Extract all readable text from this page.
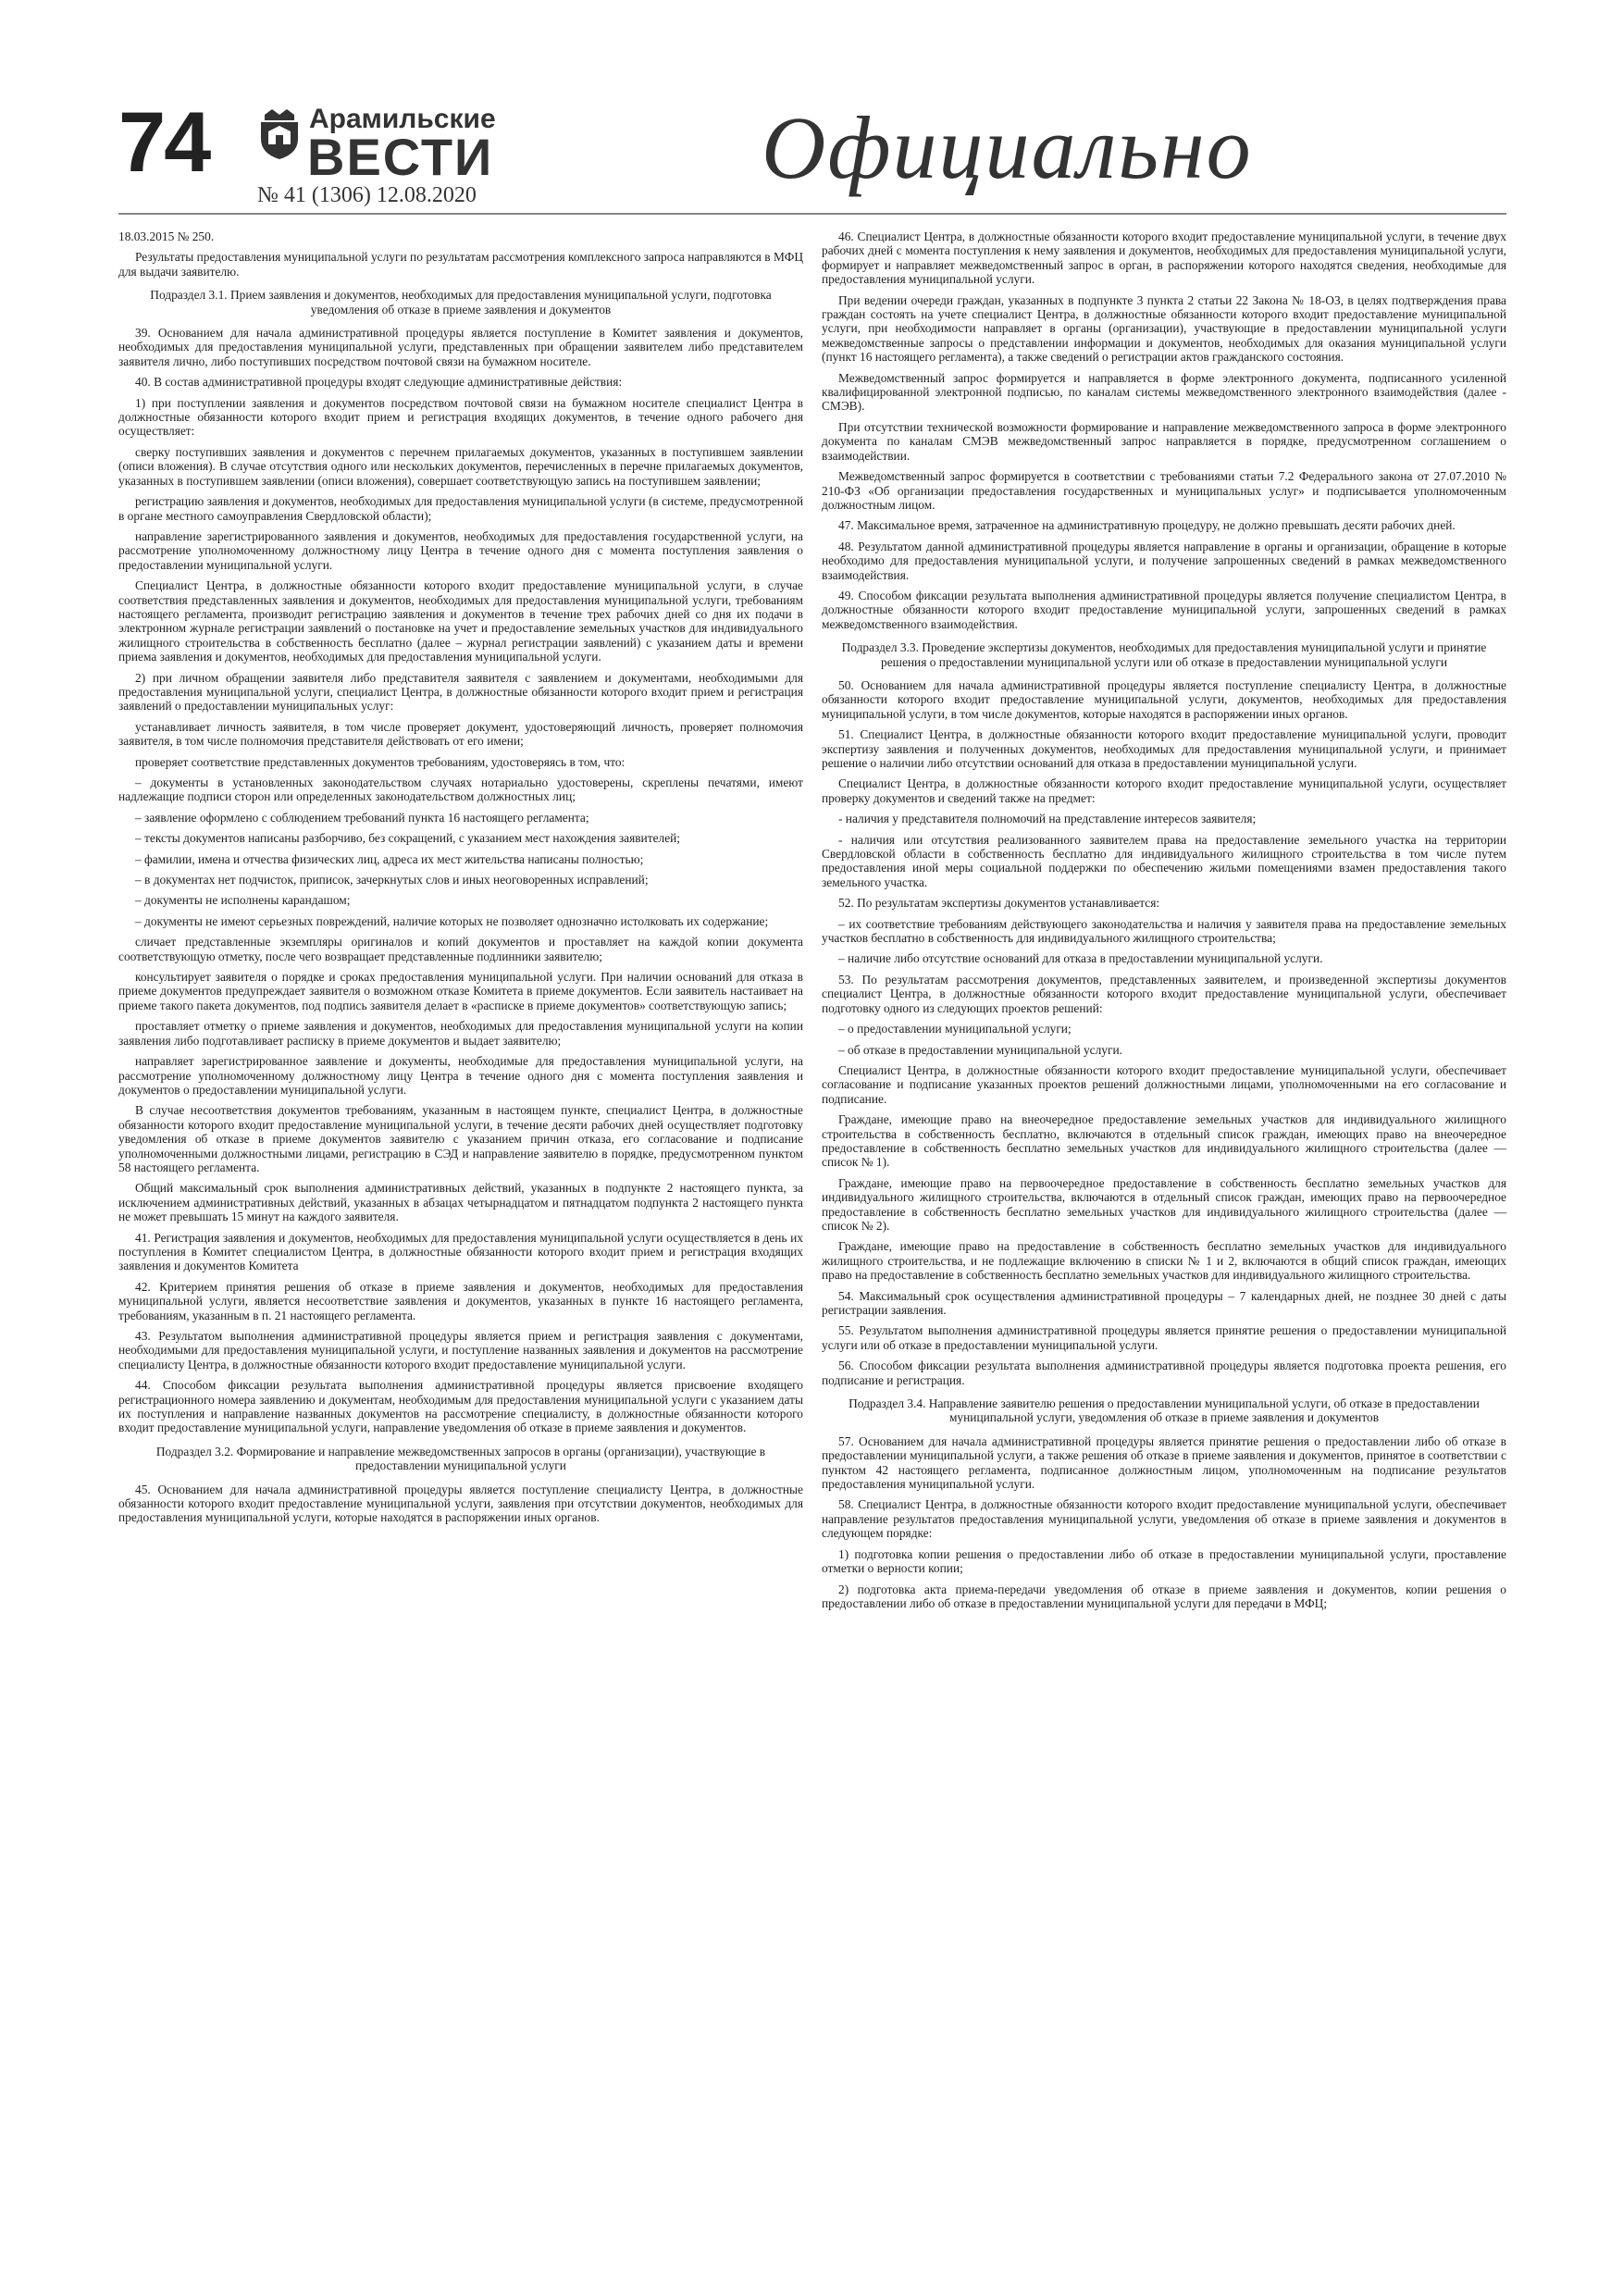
74	Арамильские
ВЕСТИ
№ 41 (1306) 12.08.2020	Официально

18.03.2015 № 250.

Результаты предоставления муниципальной услуги по результатам рассмотрения комплексного запроса направляются в МФЦ для выдачи заявителю.

Подраздел 3.1. Прием заявления и документов, необходимых для предоставления муниципальной услуги, подготовка уведомления об отказе в приеме заявления и документов

39. Основанием для начала административной процедуры является поступление в Комитет заявления и документов, необходимых для предоставления муниципальной услуги, представленных при обращении заявителем либо представителем заявителя лично, либо поступивших посредством почтовой связи на бумажном носителе.

40. В состав административной процедуры входят следующие административные действия:

1) при поступлении заявления и документов посредством почтовой связи на бумажном носителе специалист Центра в должностные обязанности которого входит прием и регистрация входящих документов, в течение одного рабочего дня осуществляет:

сверку поступивших заявления и документов с перечнем прилагаемых документов, указанных в поступившем заявлении (описи вложения). В случае отсутствия одного или нескольких документов, перечисленных в перечне прилагаемых документов, указанных в поступившем заявлении (описи вложения), совершает соответствующую запись на поступившем заявлении;

регистрацию заявления и документов, необходимых для предоставления муниципальной услуги (в системе, предусмотренной в органе местного самоуправления Свердловской области);

направление зарегистрированного заявления и документов, необходимых для предоставления государственной услуги, на рассмотрение уполномоченному должностному лицу Центра в течение одного дня с момента поступления заявления о предоставлении муниципальной услуги.

Специалист Центра, в должностные обязанности которого входит предоставление муниципальной услуги, в случае соответствия представленных заявления и документов, необходимых для предоставления муниципальной услуги, требованиям настоящего регламента, производит регистрацию заявления и документов в течение трех рабочих дней со дня их подачи в электронном журнале регистрации заявлений о постановке на учет и предоставление земельных участков для индивидуального жилищного строительства в собственность бесплатно (далее – журнал регистрации заявлений) с указанием даты и времени приема заявления и документов, необходимых для предоставления муниципальной услуги.

2) при личном обращении заявителя либо представителя заявителя с заявлением и документами, необходимыми для предоставления муниципальной услуги, специалист Центра, в должностные обязанности которого входит прием и регистрация заявлений о предоставлении муниципальных услуг:

устанавливает личность заявителя, в том числе проверяет документ, удостоверяющий личность, проверяет полномочия заявителя, в том числе полномочия представителя действовать от его имени;

проверяет соответствие представленных документов требованиям, удостоверяясь в том, что:

– документы в установленных законодательством случаях нотариально удостоверены, скреплены печатями, имеют надлежащие подписи сторон или определенных законодательством должностных лиц;

– заявление оформлено с соблюдением требований пункта 16 настоящего регламента;

– тексты документов написаны разборчиво, без сокращений, с указанием мест нахождения заявителей;

– фамилии, имена и отчества физических лиц, адреса их мест жительства написаны полностью;

– в документах нет подчисток, приписок, зачеркнутых слов и иных неоговоренных исправлений;

– документы не исполнены карандашом;

– документы не имеют серьезных повреждений, наличие которых не позволяет однозначно истолковать их содержание;

сличает представленные экземпляры оригиналов и копий документов и проставляет на каждой копии документа соответствующую отметку, после чего возвращает представленные подлинники заявителю;

консультирует заявителя о порядке и сроках предоставления муниципальной услуги. При наличии оснований для отказа в приеме документов предупреждает заявителя о возможном отказе Комитета в приеме документов. Если заявитель настаивает на приеме такого пакета документов, под подпись заявителя делает в «расписке в приеме документов» соответствующую запись;

проставляет отметку о приеме заявления и документов, необходимых для предоставления муниципальной услуги на копии заявления либо подготавливает расписку в приеме документов и выдает заявителю;

направляет зарегистрированное заявление и документы, необходимые для предоставления муниципальной услуги, на рассмотрение уполномоченному должностному лицу Центра в течение одного дня с момента поступления заявления и документов о предоставлении муниципальной услуги.

В случае несоответствия документов требованиям, указанным в настоящем пункте, специалист Центра, в должностные обязанности которого входит предоставление муниципальной услуги, в течение десяти рабочих дней осуществляет подготовку уведомления об отказе в приеме документов заявителю с указанием причин отказа, его согласование и подписание уполномоченными должностными лицами, регистрацию в СЭД и направление заявителю в порядке, предусмотренном пунктом 58 настоящего регламента.

Общий максимальный срок выполнения административных действий, указанных в подпункте 2 настоящего пункта, за исключением административных действий, указанных в абзацах четырнадцатом и пятнадцатом подпункта 2 настоящего пункта не может превышать 15 минут на каждого заявителя.

41. Регистрация заявления и документов, необходимых для предоставления муниципальной услуги осуществляется в день их поступления в Комитет специалистом Центра, в должностные обязанности которого входит прием и регистрация входящих заявления и документов Комитета

42. Критерием принятия решения об отказе в приеме заявления и документов, необходимых для предоставления муниципальной услуги, является несоответствие заявления и документов, указанных в пункте 16 настоящего регламента, требованиям, указанным в п. 21 настоящего регламента.

43. Результатом выполнения административной процедуры является прием и регистрация заявления с документами, необходимыми для предоставления муниципальной услуги, и поступление названных заявления и документов на рассмотрение специалисту Центра, в должностные обязанности которого входит предоставление муниципальной услуги.

44. Способом фиксации результата выполнения административной процедуры является присвоение входящего регистрационного номера заявлению и документам, необходимым для предоставления муниципальной услуги с указанием даты их поступления и направление названных документов на рассмотрение специалисту, в должностные обязанности которого входит предоставление муниципальной услуги, направление уведомления об отказе в приеме заявления и документов.

Подраздел 3.2. Формирование и направление межведомственных запросов в органы (организации), участвующие в предоставлении муниципальной услуги

45. Основанием для начала административной процедуры является поступление специалисту Центра, в должностные обязанности которого входит предоставление муниципальной услуги, заявления при отсутствии документов, необходимых для предоставления муниципальной услуги, которые находятся в распоряжении иных органов.

46. Специалист Центра, в должностные обязанности которого входит предоставление муниципальной услуги, в течение двух рабочих дней с момента поступления к нему заявления и документов, необходимых для предоставления муниципальной услуги, формирует и направляет межведомственный запрос в орган, в распоряжении которого находятся сведения, необходимые для предоставления муниципальной услуги.

При ведении очереди граждан, указанных в подпункте 3 пункта 2 статьи 22 Закона № 18-ОЗ, в целях подтверждения права граждан состоять на учете специалист Центра, в должностные обязанности которого входит предоставление муниципальной услуги, при необходимости направляет в органы (организации), участвующие в предоставлении муниципальной услуги межведомственные запросы о представлении информации и документов, необходимых для оказания муниципальной услуги (пункт 16 настоящего регламента), а также сведений о регистрации актов гражданского состояния.

Межведомственный запрос формируется и направляется в форме электронного документа, подписанного усиленной квалифицированной электронной подписью, по каналам системы межведомственного электронного взаимодействия (далее - СМЭВ).

При отсутствии технической возможности формирование и направление межведомственного запроса в форме электронного документа по каналам СМЭВ межведомственный запрос направляется в порядке, предусмотренном соглашением о взаимодействии.

Межведомственный запрос формируется в соответствии с требованиями статьи 7.2 Федерального закона от 27.07.2010 № 210-ФЗ «Об организации предоставления государственных и муниципальных услуг» и подписывается уполномоченным должностным лицом.

47. Максимальное время, затраченное на административную процедуру, не должно превышать десяти рабочих дней.

48. Результатом данной административной процедуры является направление в органы и организации, обращение в которые необходимо для предоставления муниципальной услуги, и получение запрошенных сведений в рамках межведомственного взаимодействия.

49. Способом фиксации результата выполнения административной процедуры является получение специалистом Центра, в должностные обязанности которого входит предоставление муниципальной услуги, запрошенных сведений в рамках межведомственного взаимодействия.

Подраздел 3.3. Проведение экспертизы документов, необходимых для предоставления муниципальной услуги и принятие решения о предоставлении муниципальной услуги или об отказе в предоставлении муниципальной услуги

50. Основанием для начала административной процедуры является поступление специалисту Центра, в должностные обязанности которого входит предоставление муниципальной услуги, документов, необходимых для предоставления муниципальной услуги, в том числе документов, которые находятся в распоряжении иных органов.

51. Специалист Центра, в должностные обязанности которого входит предоставление муниципальной услуги, проводит экспертизу заявления и полученных документов, необходимых для предоставления муниципальной услуги, и принимает решение о наличии либо отсутствии оснований для отказа в предоставлении муниципальной услуги.

Специалист Центра, в должностные обязанности которого входит предоставление муниципальной услуги, осуществляет проверку документов и сведений также на предмет:

- наличия у представителя полномочий на представление интересов заявителя;

- наличия или отсутствия реализованного заявителем права на предоставление земельного участка на территории Свердловской области в собственность бесплатно для индивидуального жилищного строительства в том числе путем предоставления иной меры социальной поддержки по обеспечению жильми помещениями взамен предоставления такого земельного участка.

52. По результатам экспертизы документов устанавливается:

– их соответствие требованиям действующего законодательства и наличия у заявителя права на предоставление земельных участков бесплатно в собственность для индивидуального жилищного строительства;

– наличие либо отсутствие оснований для отказа в предоставлении муниципальной услуги.

53. По результатам рассмотрения документов, представленных заявителем, и произведенной экспертизы документов специалист Центра, в должностные обязанности которого входит предоставление муниципальной услуги, обеспечивает подготовку одного из следующих проектов решений:

– о предоставлении муниципальной услуги;

– об отказе в предоставлении муниципальной услуги.

Специалист Центра, в должностные обязанности которого входит предоставление муниципальной услуги, обеспечивает согласование и подписание указанных проектов решений должностными лицами, уполномоченными на его согласование и подписание.

Граждане, имеющие право на внеочередное предоставление земельных участков для индивидуального жилищного строительства в собственность бесплатно, включаются в отдельный список граждан, имеющих право на внеочередное предоставление в собственность бесплатно земельных участков для индивидуального жилищного строительства (далее — список № 1).

Граждане, имеющие право на первоочередное предоставление в собственность бесплатно земельных участков для индивидуального жилищного строительства, включаются в отдельный список граждан, имеющих право на первоочередное предоставление в собственность бесплатно земельных участков для индивидуального жилищного строительства (далее — список № 2).

Граждане, имеющие право на предоставление в собственность бесплатно земельных участков для индивидуального жилищного строительства, и не подлежащие включению в списки № 1 и 2, включаются в общий список граждан, имеющих право на предоставление в собственность бесплатно земельных участков для индивидуального жилищного строительства.

54. Максимальный срок осуществления административной процедуры – 7 календарных дней, не позднее 30 дней с даты регистрации заявления.

55. Результатом выполнения административной процедуры является принятие решения о предоставлении муниципальной услуги или об отказе в предоставлении муниципальной услуги.

56. Способом фиксации результата выполнения административной процедуры является подготовка проекта решения, его подписание и регистрация.

Подраздел 3.4. Направление заявителю решения о предоставлении муниципальной услуги, об отказе в предоставлении муниципальной услуги, уведомления об отказе в приеме заявления и документов

57. Основанием для начала административной процедуры является принятие решения о предоставлении либо об отказе в предоставлении муниципальной услуги, а также решения об отказе в приеме заявления и документов, принятое в соответствии с пунктом 42 настоящего регламента, подписанное должностным лицом, уполномоченным на подписание результатов предоставления муниципальной услуги.

58. Специалист Центра, в должностные обязанности которого входит предоставление муниципальной услуги, обеспечивает направление результатов предоставления муниципальной услуги, уведомления об отказе в приеме заявления и документов в следующем порядке:

1) подготовка копии решения о предоставлении либо об отказе в предоставлении муниципальной услуги, проставление отметки о верности копии;

2) подготовка акта приема-передачи уведомления об отказе в приеме заявления и документов, копии решения о предоставлении либо об отказе в предоставлении муниципальной услуги для передачи в МФЦ;
